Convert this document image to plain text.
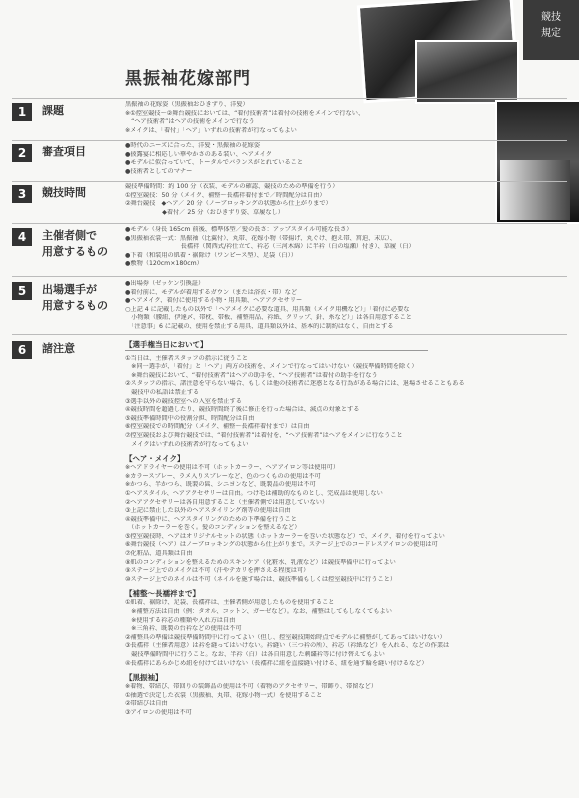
競技
規定
黒振袖花嫁部門
1	課題	黒振袖の花嫁姿（黒振袖おひきずり、洋髪）
※①控室競技～②舞台競技においては、“着付技術者”は着付の技術をメインで行ない、
　“ヘア技術者”はヘアの技術をメインで行なう
※メイクは、「着付」「ヘア」いずれの技術者が行なってもよい
2	審査項目	●時代のニーズに合った、洋髪・黒振袖の花嫁姿
●披露宴に相応しい華やかさのある装い、ヘアメイク
●モデルに似合っていて、トータルでバランスがとれていること
●技術者としてのマナー
3	競技時間	競技準備時間：約 100 分（衣装、モデルの確認、競技のための準備を行う）
①控室競技：50 分（メイク、補整～長襦袢着付まで／時間配分は自由）
②舞台競技　◆ヘア／ 20 分（ノーブロッキングの状態から仕上がりまで）
　　　　　　◆着付／ 25 分（おひきずり姿、草履なし）
4	主催者側で
用意するもの
●モデル（身長 165cm 前後、標準体型／髪の長さ：アップスタイル可能な長さ）
●黒振袖衣裳一式：黒振袖（比翼付）、丸帯、花嫁小物（帯揚げ、丸ぐけ、抱え帯、筥迫、末広）、
　　　　　　　　　長襦袢（関西式/衿仕立て、衿芯（三河木綿）に半衿（白の塩瀬）付き）、草履（白）
●下着（和装用の肌着・裾除け（ワンピース型）、足袋（白））
●敷物（120cm×180cm）
5	出場選手が
用意するもの
●出場券（ゼッケン引換証）
●着付前に、モデルが着用するガウン（または浴衣・帯）など
●ヘアメイク、着付に使用する小物・用具類、ヘアアクセサリー
○上記 4 に記載したもの以外で「ヘアメイクに必要な道具、用具類（メイク用機など）」「着付に必要な
　小物類（腰紐、伊達〆、帯枕、帯板、補整用品、衿紙、クリップ、針、糸など）」は各自用意すること
　「注意事」6 に記載の、使用を禁止する用具、道具類以外は、基本的に制約はなく、自由とする
6	諸注意	【選手権当日において】
①当日は、主催者スタッフの指示に従うこと
　※同一選手が、「着付」と「ヘア」両方の技術を、メインで行なってはいけない（競技準備時間を除く）
　※舞台競技において、“着付技術者”はヘアの助手を、“ヘア技術者”は着付の助手を行なう
②スタッフの指示、諸注意を守らない場合、もしくは他の技術者に迷惑となる行為がある場合には、退場させることもある
　競技中の私語は禁止する
③選手以外の競技控室への入室を禁止する
④競技時間を超過したり、競技時間終了後に修正を行った場合は、減点の対象とする
⑤競技準備時間中の役割分担、時間配分は自由
⑥控室競技での時間配分（メイク、補整～長襦袢着付まで）は自由
⑦控室競技および舞台競技では、“着付技術者”は着付を、“ヘア技術者”はヘアをメインに行なうこと
　メイクはいずれの技術者が行なってもよい
【ヘア・メイク】
※ヘアドライヤーの使用は不可（ホットカーラー、ヘアアイロン等は使用可）
※カラースプレー、ラメ入りスプレーなど、色のつくものの使用は不可
※かつら、半かつら、既製の髷、シニヨンなど、既製品の使用は不可
①ヘアスタイル、ヘアアクセサリーは自由。つけ毛は補助的なものとし、完成品は使用しない
②ヘアアクセサリーは各自用意すること（主催者側では用意していない）
③上記に禁止した以外のヘアスタイリング剤等の使用は自由
④競技準備中に、ヘアスタイリングのための下準備を行うこと
　（ホットカーラーを巻く。髪のコンディションを整えるなど）
⑤控室競技時、ヘアはオリジナルセットの状態（ホットカーラーを巻いた状態など）で、メイク、着付を行ってよい
⑥舞台競技（ヘア）はノーブロッキングの状態から仕上がりまで。ステージ上でのコードレスアイロンの使用は可
⑦化粧品、道具類は自由
⑧肌のコンディションを整えるためのスキンケア（化粧水、乳液など）は競技準備中に行ってよい
⑨ステージ上でのメイクは不可（汗やテカリを押さえる程度は可）
⑩ステージ上でのネイルは不可（ネイルを施す場合は、競技準備もしくは控室競技中に行うこと）
【補整～長襦袢まで】
①肌着、裾除け、足袋、長襦袢は、主催者側が用意したものを使用すること
　※補整方法は自由（例：タオル、コットン、ガーゼなど）。なお、補整はしてもしなくてもよい
　※使用する衿芯の種類や入れ方は自由
　※三角衿、既製の台衿などの使用は不可
②補整具の準備は競技準備時間中に行ってよい（但し、控室競技開始時点でモデルに補整がしてあってはいけない）
③長襦袢（主催者用意）は衿を縫ってはいけない。衿縫い（三つ衿の所）、衿芯（衿紙など）を入れる、などの作業は
　競技準備時間中に行うこと。なお、半衿（白）は各自用意した刺繍衿等に付け替えてもよい
④長襦袢にあらかじめ紐を付けてはいけない（長襦袢に紐を直接縫い付ける、紐を通す輪を縫い付けるなど）
【黒振袖】
※着物、帯結び、帯回りの装飾品の使用は不可（着物のアクセサリー、帯飾り、帯留など）
①抽選で決定した衣裳（黒振袖、丸帯、花嫁小物一式）を使用すること
②帯結びは自由
③アイロンの使用は不可
